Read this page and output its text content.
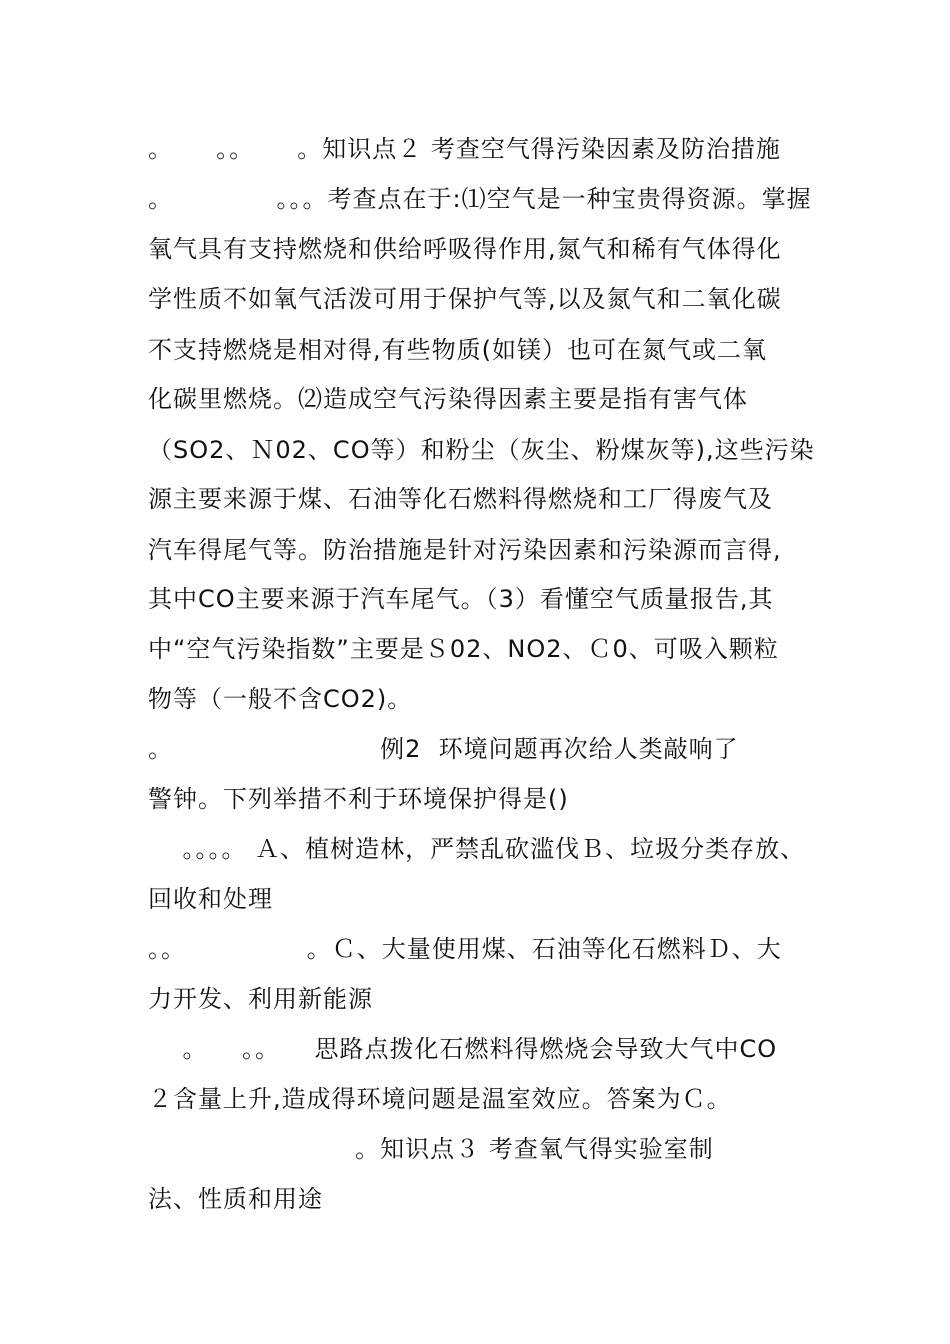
。     。。     。知识点２ 考查空气得污染因素及防治措施
。            。。。考查点在于:⑴空气是一种宝贵得资源。掌握
氧气具有支持燃烧和供给呼吸得作用,氮气和稀有气体得化
学性质不如氧气活泼可用于保护气等,以及氮气和二氧化碳
不支持燃烧是相对得,有些物质(如镁）也可在氮气或二氧
化碳里燃烧。⑵造成空气污染得因素主要是指有害气体
（SO2、Ｎ02、CO等）和粉尘（灰尘、粉煤灰等),这些污染
源主要来源于煤、石油等化石燃料得燃烧和工厂得废气及
汽车得尾气等。防治措施是针对污染因素和污染源而言得,
其中CO主要来源于汽车尾气。（3）看懂空气质量报告,其
中“空气污染指数”主要是Ｓ02、NO2、Ｃ0、可吸入颗粒
物等（一般不含CO2)。
。                        例2  环境问题再次给人类敲响了
警钟。下列举措不利于环境保护得是()
。。。。 Ａ、植树造林，严禁乱砍滥伐Ｂ、垃圾分类存放、
回收和处理
。。              。Ｃ、大量使用煤、石油等化石燃料Ｄ、大
力开发、利用新能源
。    。。    思路点拨化石燃料得燃烧会导致大气中CO
２含量上升,造成得环境问题是温室效应。答案为Ｃ。
。知识点３ 考查氧气得实验室制
法、性质和用途
